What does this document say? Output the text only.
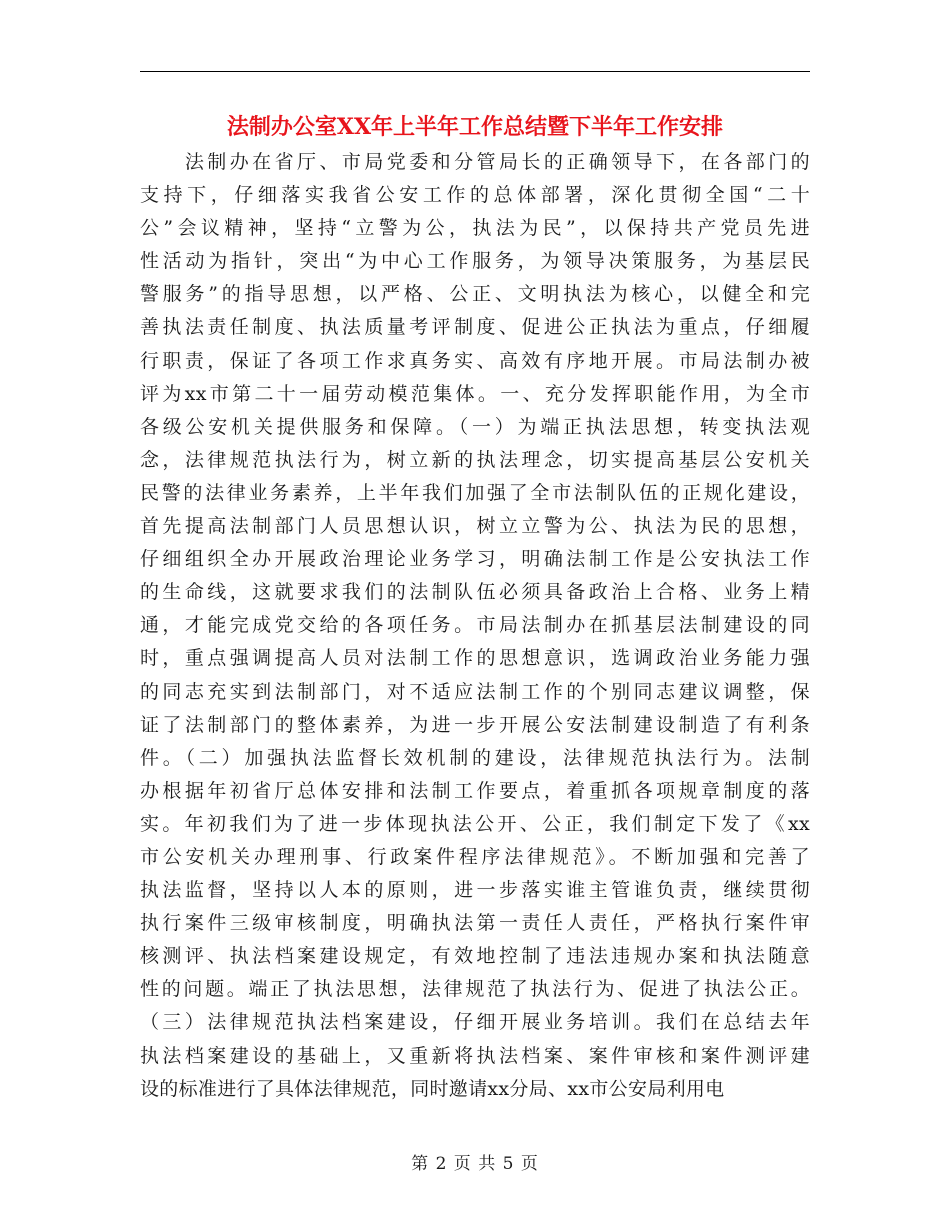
法制办公室XX年上半年工作总结暨下半年工作安排
　　法制办在省厅、市局党委和分管局长的正确领导下，在各部门的
支持下，仔细落实我省公安工作的总体部署，深化贯彻全国“二十
公”会议精神，坚持“立警为公，执法为民”，以保持共产党员先进
性活动为指针，突出“为中心工作服务，为领导决策服务，为基层民
警服务”的指导思想，以严格、公正、文明执法为核心，以健全和完
善执法责任制度、执法质量考评制度、促进公正执法为重点，仔细履
行职责，保证了各项工作求真务实、高效有序地开展。市局法制办被
评为xx市第二十一届劳动模范集体。一、充分发挥职能作用，为全市
各级公安机关提供服务和保障。（一）为端正执法思想，转变执法观
念，法律规范执法行为，树立新的执法理念，切实提高基层公安机关
民警的法律业务素养，上半年我们加强了全市法制队伍的正规化建设，
首先提高法制部门人员思想认识，树立立警为公、执法为民的思想，
仔细组织全办开展政治理论业务学习，明确法制工作是公安执法工作
的生命线，这就要求我们的法制队伍必须具备政治上合格、业务上精
通，才能完成党交给的各项任务。市局法制办在抓基层法制建设的同
时，重点强调提高人员对法制工作的思想意识，选调政治业务能力强
的同志充实到法制部门，对不适应法制工作的个别同志建议调整，保
证了法制部门的整体素养，为进一步开展公安法制建设制造了有利条
件。（二）加强执法监督长效机制的建设，法律规范执法行为。法制
办根据年初省厅总体安排和法制工作要点，着重抓各项规章制度的落
实。年初我们为了进一步体现执法公开、公正，我们制定下发了《xx
市公安机关办理刑事、行政案件程序法律规范》。不断加强和完善了
执法监督，坚持以人本的原则，进一步落实谁主管谁负责，继续贯彻
执行案件三级审核制度，明确执法第一责任人责任，严格执行案件审
核测评、执法档案建设规定，有效地控制了违法违规办案和执法随意
性的问题。端正了执法思想，法律规范了执法行为、促进了执法公正。
（三）法律规范执法档案建设，仔细开展业务培训。我们在总结去年
执法档案建设的基础上，又重新将执法档案、案件审核和案件测评建
设的标准进行了具体法律规范，同时邀请xx分局、xx市公安局利用电
第 2 页 共 5 页
